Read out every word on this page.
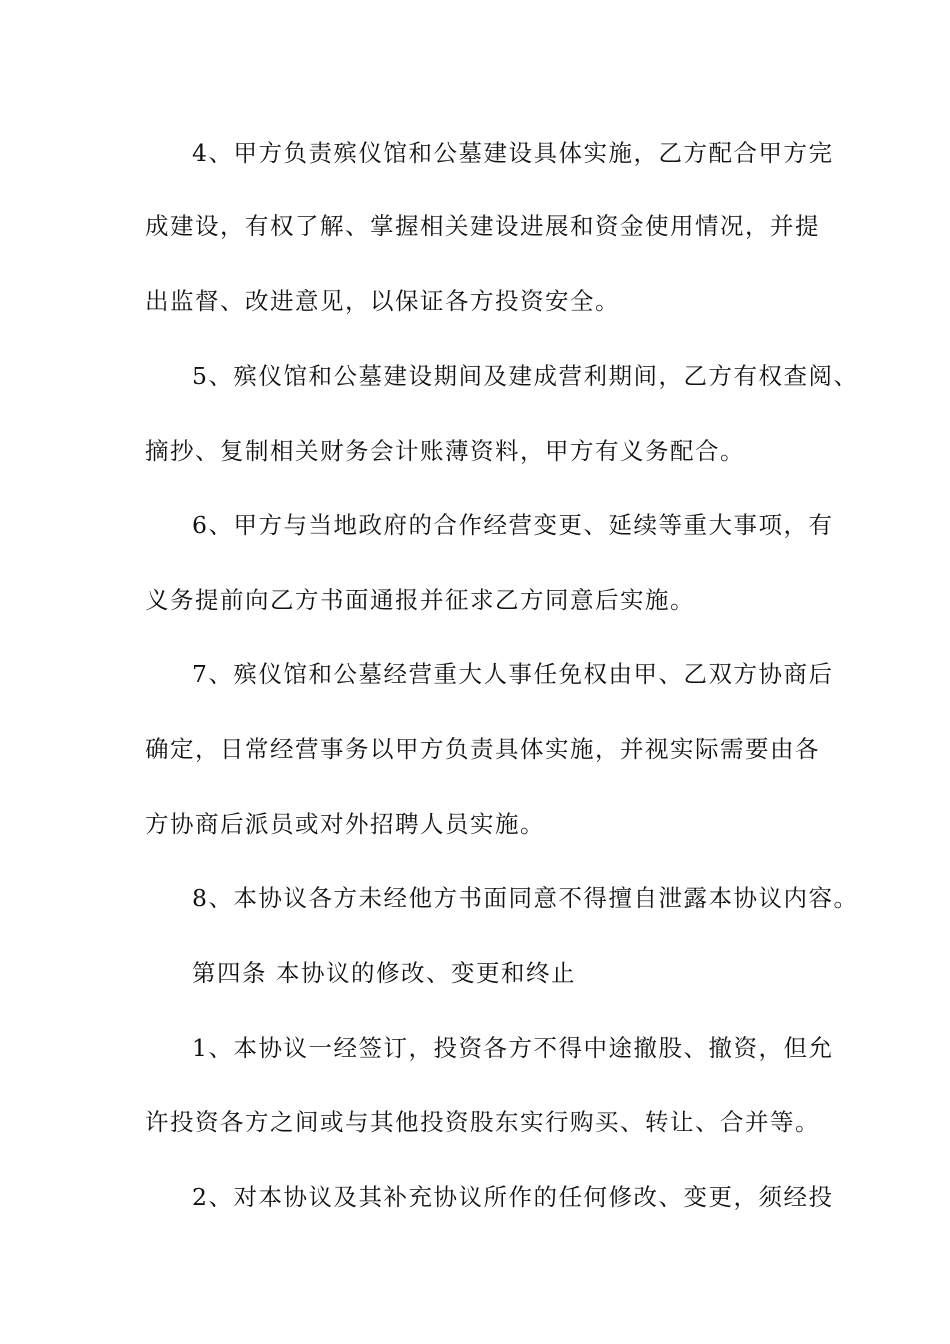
4、甲方负责殡仪馆和公墓建设具体实施，乙方配合甲方完
成建设，有权了解、掌握相关建设进展和资金使用情况，并提
出监督、改进意见，以保证各方投资安全。
5、殡仪馆和公墓建设期间及建成营利期间，乙方有权查阅、
摘抄、复制相关财务会计账薄资料，甲方有义务配合。
6、甲方与当地政府的合作经营变更、延续等重大事项，有
义务提前向乙方书面通报并征求乙方同意后实施。
7、殡仪馆和公墓经营重大人事任免权由甲、乙双方协商后
确定，日常经营事务以甲方负责具体实施，并视实际需要由各
方协商后派员或对外招聘人员实施。
8、本协议各方未经他方书面同意不得擅自泄露本协议内容。
第四条 本协议的修改、变更和终止
1、本协议一经签订，投资各方不得中途撤股、撤资，但允
许投资各方之间或与其他投资股东实行购买、转让、合并等。
2、对本协议及其补充协议所作的任何修改、变更，须经投
